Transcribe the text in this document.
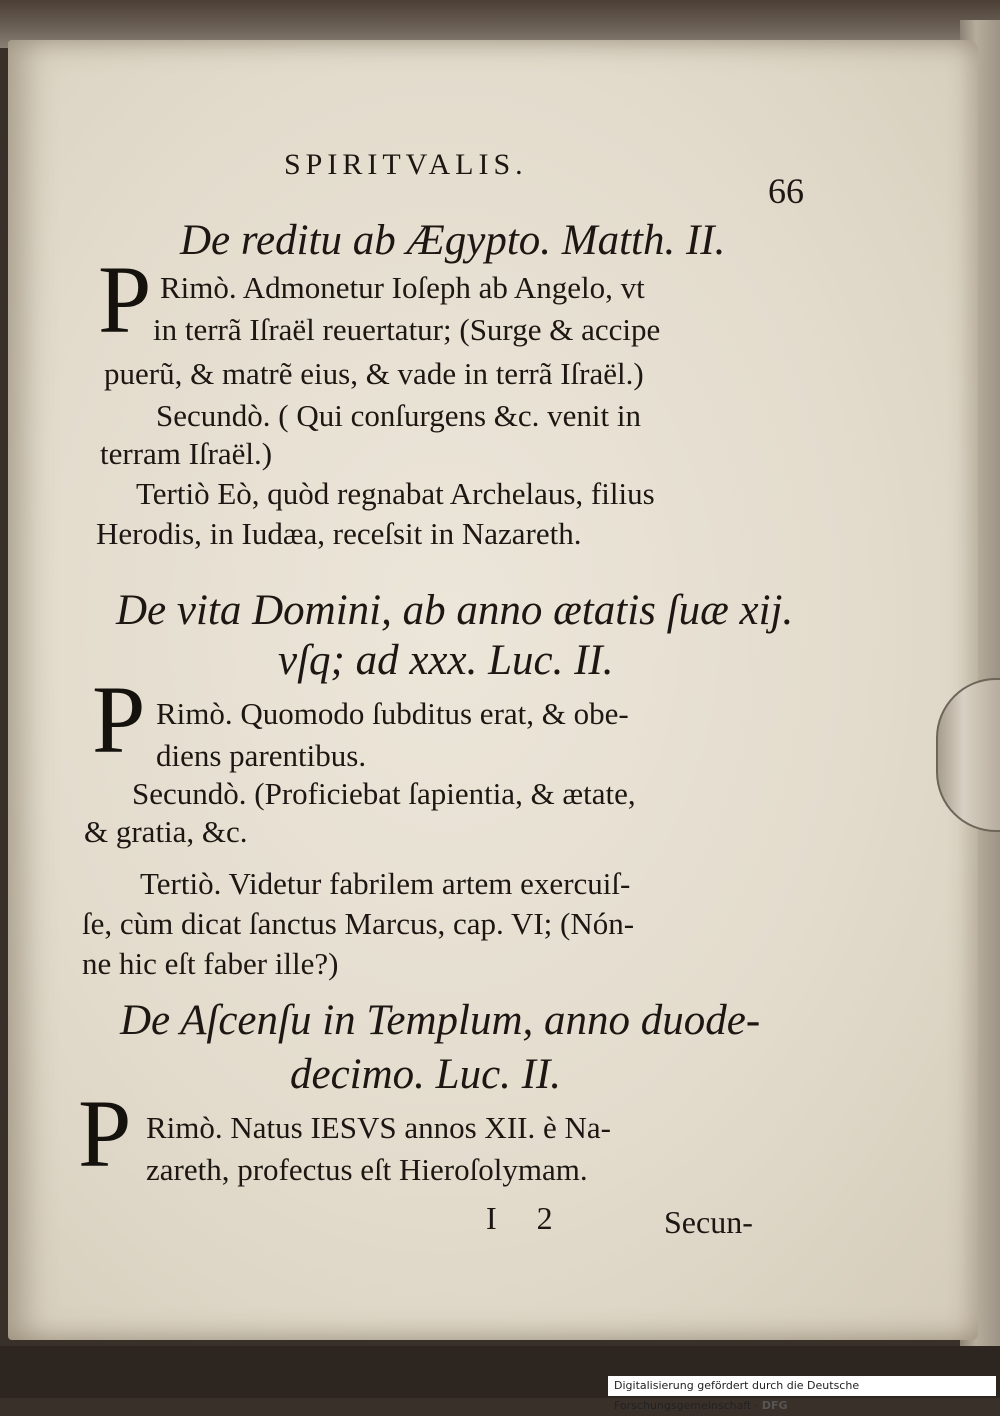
SPIRITVALIS.
66
De reditu ab Ægypto. Matth. II.
P Rimò. Admonetur Ioſeph ab Angelo, vt
in terrã Iſraël reuertatur; (Surge & accipe
puerũ, & matrẽ eius, & vade in terrã Iſraël.)
Secundò. ( Qui conſurgens &c. venit in
terram Iſraël.)
Tertiò Eò, quòd regnabat Archelaus, filius
Herodis, in Iudæa, receſsit in Nazareth.
De vita Domini, ab anno ætatis ſuæ xij.
vſq; ad xxx. Luc. II.
P Rimò. Quomodo ſubditus erat, & obe-
diens parentibus.
Secundò. (Proficiebat ſapientia, & ætate,
& gratia, &c.
Tertiò. Videtur fabrilem artem exercuiſ-
ſe, cùm dicat ſanctus Marcus, cap. VI; (Nón-
ne hic eſt faber ille?)
De Aſcenſu in Templum, anno duode-
decimo. Luc. II.
P Rimò. Natus IESVS annos XII. è Na-
zareth, profectus eſt Hieroſolymam.
I 2	Secun-
Digitalisierung gefördert durch die Deutsche Forschungsgemeinschaft · DFG
